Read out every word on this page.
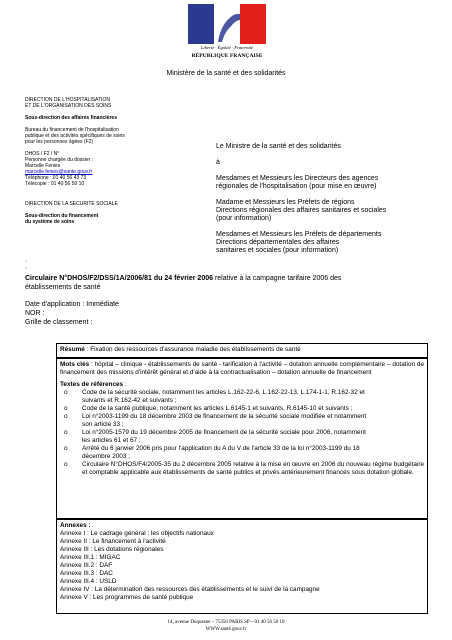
Liberté · Égalité · Fraternité
RÉPUBLIQUE FRANÇAISE
Ministère de la santé et des solidarités
DIRECTION DE L'HOSPITALISATION
ET DE L'ORGANISATION DES SOINS
Sous-direction des affaires financières
Bureau du financement de l'hospitalisation
publique et des activités spécifiques de soins
pour les personnes âgées (F2)
DHOS / F2 / N°
Personne chargée du dossier :
Marcelle Fenies
marcelle.fenies@sante.gouv.fr
Téléphone : 01 40 56 43 73
Télécopie : 01 40 56 50 10
DIRECTION DE LA SECURITE SOCIALE
Sous-direction du financement
du système de soins
·
·
Le Ministre de la santé et des solidarités
à
Mesdames et Messieurs les Directeurs des agences
régionales de l'hospitalisation (pour mise en œuvre)
Madame et Messieurs les Préfets de régions
Directions régionales des affaires sanitaires et sociales
(pour information)
Mesdames et Messieurs les Préfets de départements
Directions départementales des affaires
sanitaires et sociales (pour information)
Circulaire N°DHOS/F2/DSS/1A/2006/81 du 24 février 2006 relative à la campagne tarifaire 2006 des
établissements de santé
Date d'application : Immédiate
NOR :
Grille de classement :
Résumé : Fixation des ressources d'assurance maladie des établissements de santé
Mots clés : hôpital – clinique - établissements de santé - tarification à l'activité – dotation annuelle complémentaire – dotation de financement des missions d'intérêt général et d'aide à la contractualisation – dotation annuelle de financement
Textes de références :
o Code de la sécurité sociale, notamment les articles L.162-22-6, L.162-22-13, L.174-1-1, R.162-32 et
suivants et R.162-42 et suivants ;
o Code de la santé publique, notamment les articles L.6145-1 et suivants, R.6145-10 et suivants ;
o Loi n°2003-1199 du 18 décembre 2003 de financement de la sécurité sociale modifiée et notamment
son article 33 ;
o Loi n°2005-1579 du 19 décembre 2005 de financement de la sécurité sociale pour 2006, notamment
les articles 61 et 67 ;
o Arrêté du 6 janvier 2006 pris pour l'application du A du V de l'article 33 de la loi n°2003-1199 du 18
décembre 2003 ;
o Circulaire N°DHOS/F4/2005-35 du 2 décembre 2005 relative à la mise en œuvre en 2006 du nouveau régime budgétaire et comptable applicable aux établissements de santé publics et privés antérieurement financés sous dotation globale.
Annexes :
Annexe I : Le cadrage général : les objectifs nationaux
Annexe II : Le financement à l'activité
Annexe III : Les dotations régionales
Annexe III.1 : MIGAC
Annexe III.2 : DAF
Annexe III.3 : DAC
Annexe III.4 : USLD
Annexe IV : La détermination des ressources des établissements et le suivi de la campagne
Annexe V : Les programmes de santé publique
14, avenue Duquesne – 75350 PARIS SP – 01 40 56 50 10
WWW.santé.gouv.fr
